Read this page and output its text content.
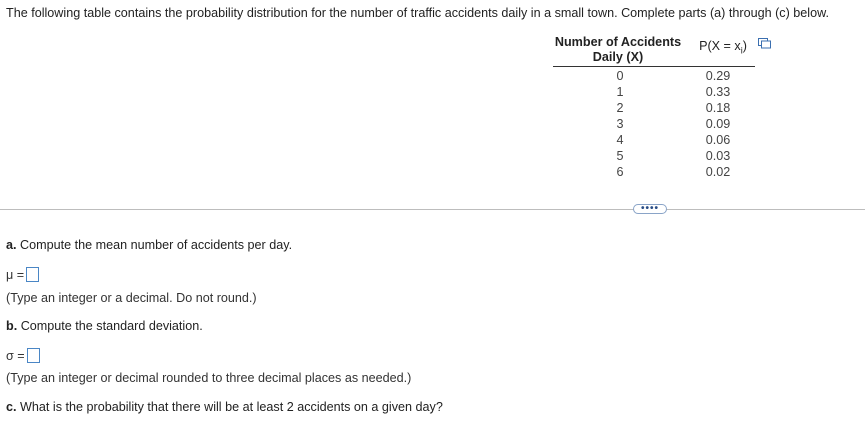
The following table contains the probability distribution for the number of traffic accidents daily in a small town. Complete parts (a) through (c) below.
Number of Accidents
Daily (X)
$P(X = x_i)$
0
1
2
3
4
5
6
0.29
0.33
0.18
0.09
0.06
0.03
0.02
••••
a. Compute the mean number of accidents per day.
μ =
(Type an integer or a decimal. Do not round.)
b. Compute the standard deviation.
σ =
(Type an integer or decimal rounded to three decimal places as needed.)
c. What is the probability that there will be at least 2 accidents on a given day?
